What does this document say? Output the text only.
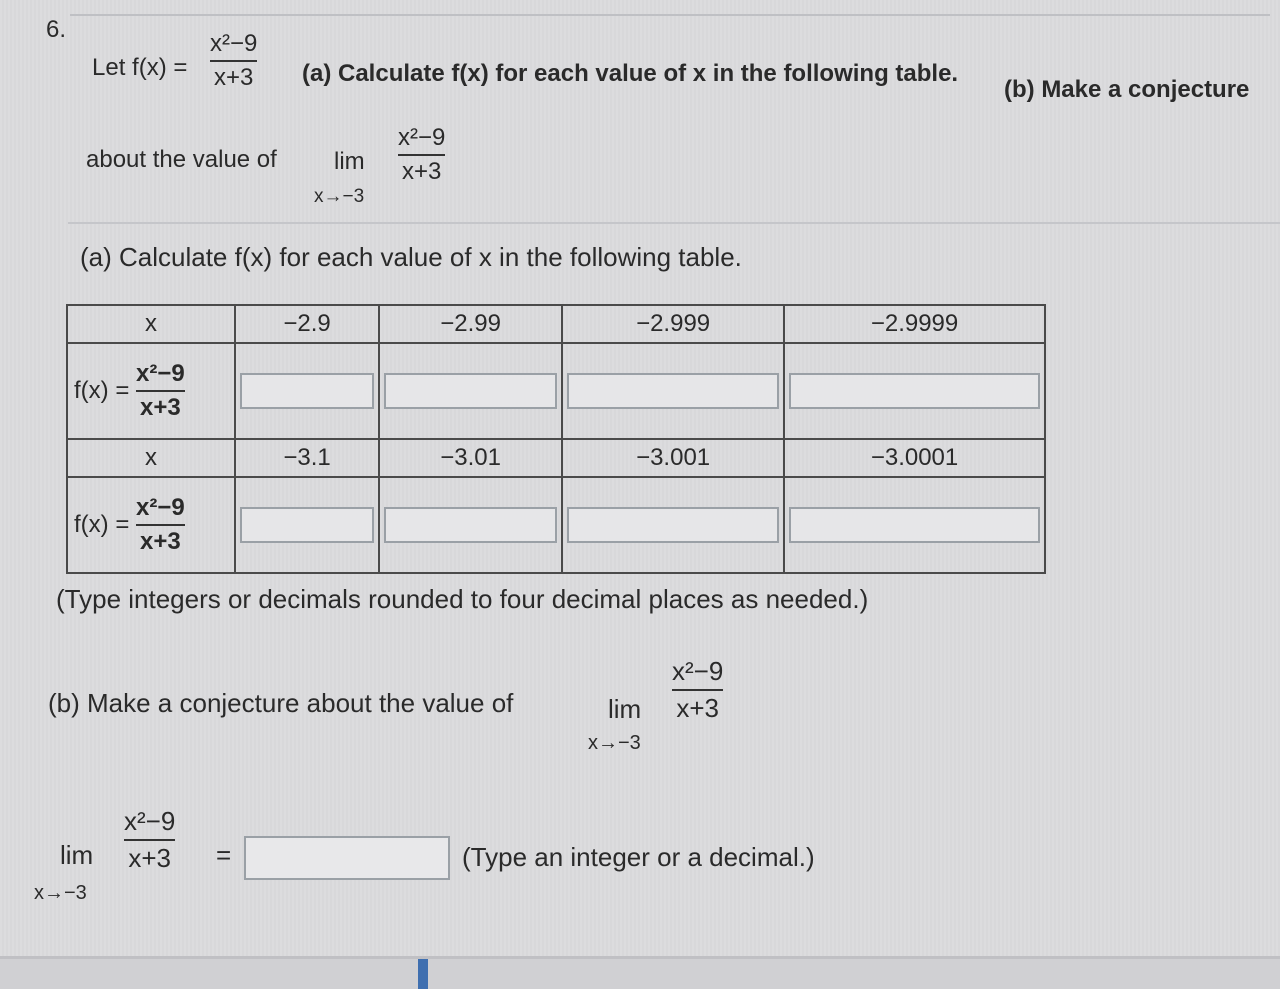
6.
Let f(x) =
x²−9
x+3 (a) Calculate f(x) for each value of x in the following table.
(b) Make a conjecture
about the value of lim
x→−3
x²−9
x+3
(a) Calculate f(x) for each value of x in the following table.
x	−2.9	−2.99	−2.999	−2.9999
$f(x) = \frac{\text{x²−9}}{x+3}$

x	−3.1	−3.01	−3.001	−3.0001
$f(x) = \frac{\text{x²−9}}{x+3}$

(Type integers or decimals rounded to four decimal places as needed.)
(b) Make a conjecture about the value of	lim
x→−3
x²−9
x+3
lim
x→−3
x²−9
x+3 =	(Type an integer or a decimal.)
